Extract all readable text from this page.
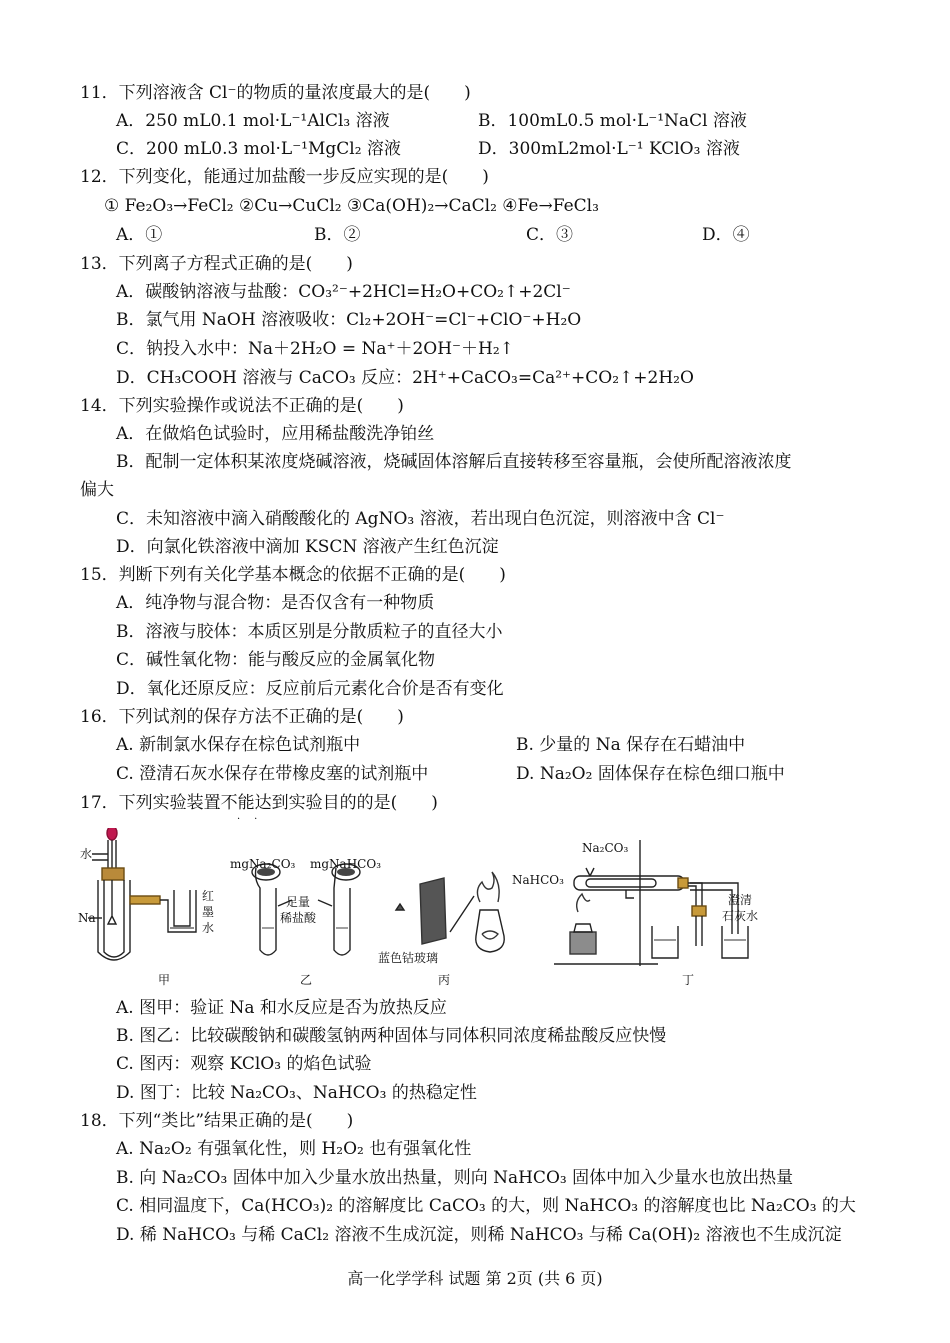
11．下列溶液含 Cl⁻的物质的量浓度最大的是(　　)
A．250 mL0.1 mol·L⁻¹AlCl₃ 溶液	B．100mL0.5 mol·L⁻¹NaCl 溶液
C．200 mL0.3 mol·L⁻¹MgCl₂ 溶液	D．300mL2mol·L⁻¹ KClO₃ 溶液
12．下列变化，能通过加盐酸一步反应实现的是(　　)
① Fe₂O₃→FeCl₂ ②Cu→CuCl₂ ③Ca(OH)₂→CaCl₂ ④Fe→FeCl₃
A．①	B．②	C．③	D．④
13．下列离子方程式正确的是(　　)
A．碳酸钠溶液与盐酸：CO₃²⁻+2HCl=H₂O+CO₂↑+2Cl⁻
B．氯气用 NaOH 溶液吸收：Cl₂+2OH⁻=Cl⁻+ClO⁻+H₂O
C．钠投入水中：Na＋2H₂O = Na⁺＋2OH⁻＋H₂↑
D．CH₃COOH 溶液与 CaCO₃ 反应：2H⁺+CaCO₃=Ca²⁺+CO₂↑+2H₂O
14．下列实验操作或说法不正确的是(　　)
A．在做焰色试验时，应用稀盐酸洗净铂丝
B．配制一定体积某浓度烧碱溶液，烧碱固体溶解后直接转移至容量瓶，会使所配溶液浓度
偏大
C．未知溶液中滴入硝酸酸化的 AgNO₃ 溶液，若出现白色沉淀，则溶液中含 Cl⁻
D．向氯化铁溶液中滴加 KSCN 溶液产生红色沉淀
15．判断下列有关化学基本概念的依据不正确的是(　　)
A．纯净物与混合物：是否仅含有一种物质
B．溶液与胶体：本质区别是分散质粒子的直径大小
C．碱性氧化物：能与酸反应的金属氧化物
D．氧化还原反应：反应前后元素化合价是否有变化
16．下列试剂的保存方法不正确的是(　　)
A. 新制氯水保存在棕色试剂瓶中	B. 少量的 Na 保存在石蜡油中
C. 澄清石灰水保存在带橡皮塞的试剂瓶中	D. Na₂O₂ 固体保存在棕色细口瓶中
17．下列实验装置不能达到实验目的的是(　　)
··
水
Na
红
墨
水
甲
mgNa₂CO₃ mgNaHCO₃
足量
稀盐酸
乙
蓝色钴玻璃
丙
Na₂CO₃
NaHCO₃
澄清
石灰水
丁
A. 图甲：验证 Na 和水反应是否为放热反应
B. 图乙：比较碳酸钠和碳酸氢钠两种固体与同体积同浓度稀盐酸反应快慢
C. 图丙：观察 KClO₃ 的焰色试验
D. 图丁：比较 Na₂CO₃、NaHCO₃ 的热稳定性
18．下列“类比”结果正确的是(　　)
A. Na₂O₂ 有强氧化性，则 H₂O₂ 也有强氧化性
B. 向 Na₂CO₃ 固体中加入少量水放出热量，则向 NaHCO₃ 固体中加入少量水也放出热量
C. 相同温度下，Ca(HCO₃)₂ 的溶解度比 CaCO₃ 的大，则 NaHCO₃ 的溶解度也比 Na₂CO₃ 的大
D. 稀 NaHCO₃ 与稀 CaCl₂ 溶液不生成沉淀，则稀 NaHCO₃ 与稀 Ca(OH)₂ 溶液也不生成沉淀
高一化学学科 试题 第 2页 (共 6 页)
